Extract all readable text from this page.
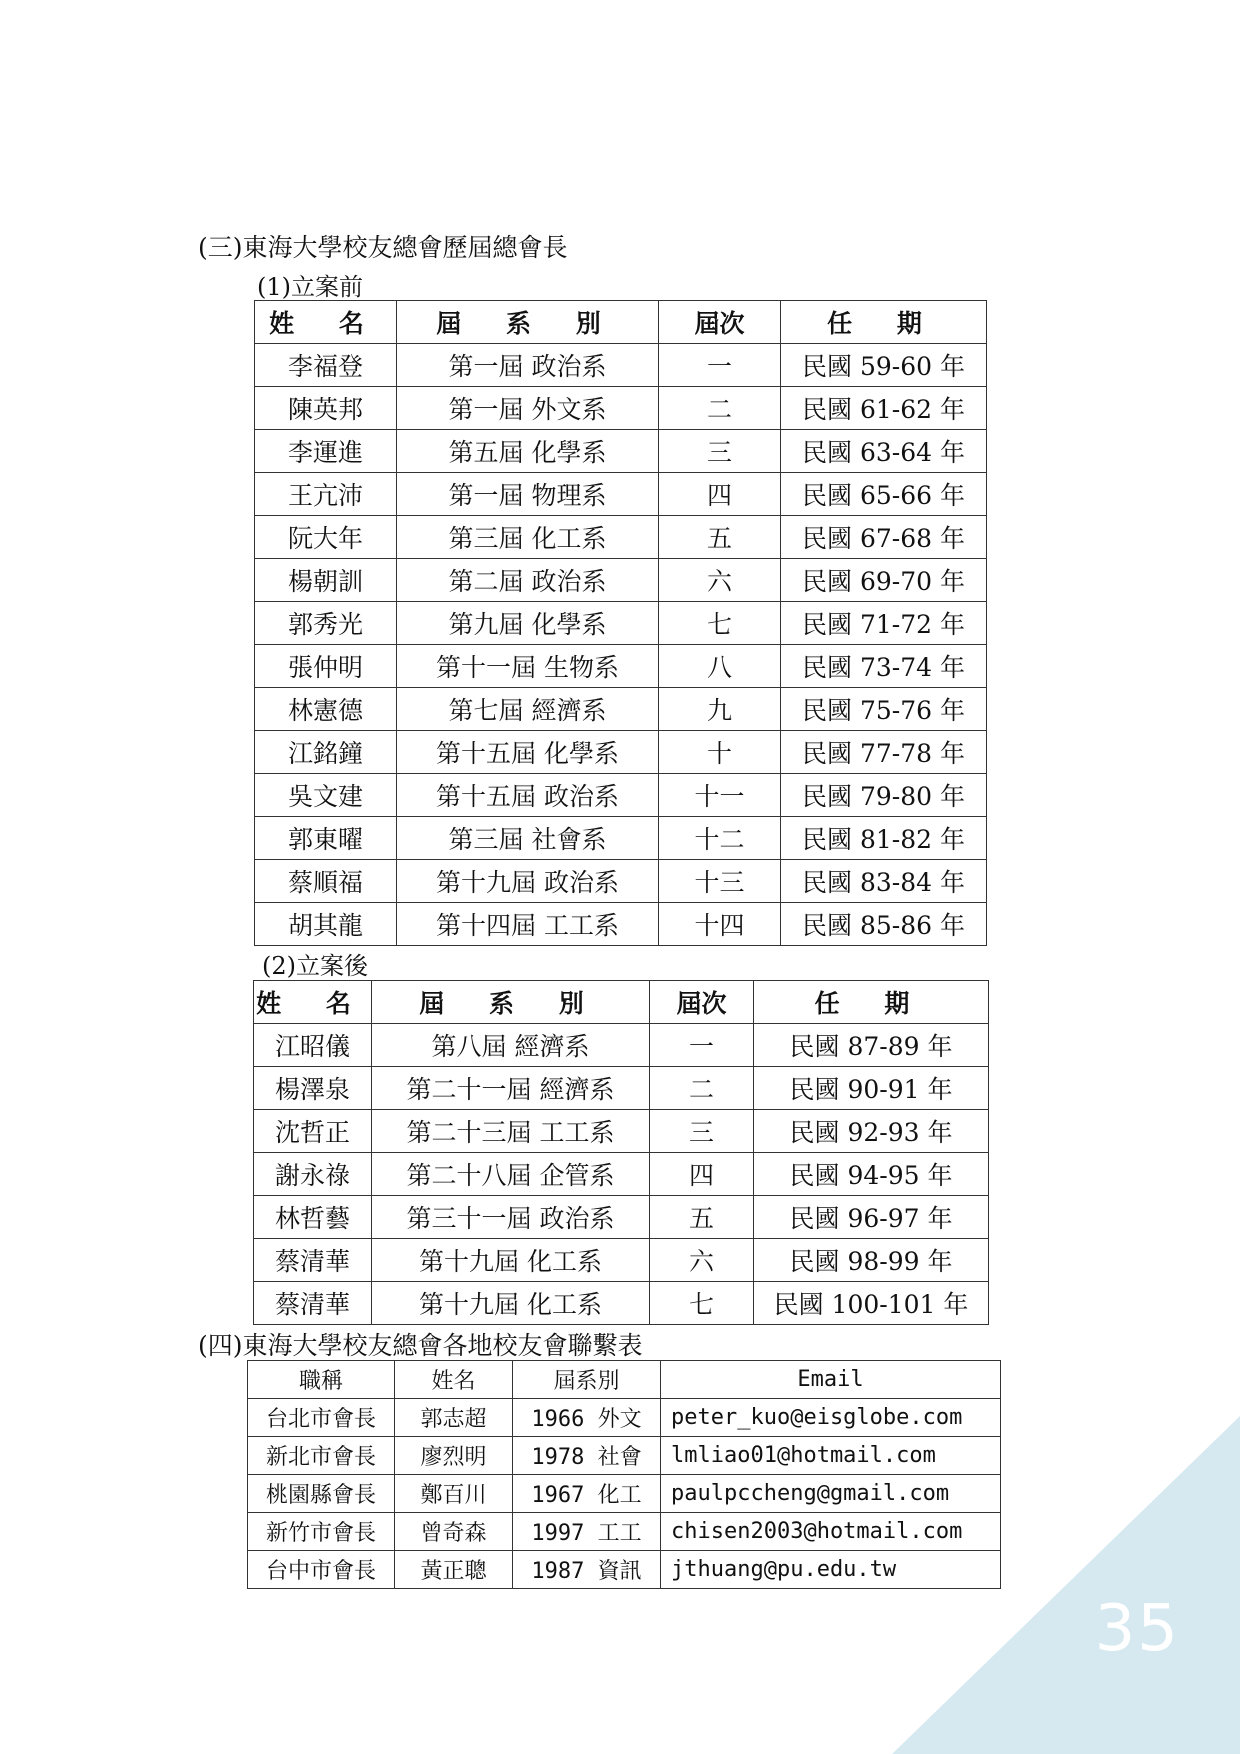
35
(三)東海大學校友總會歷屆總會長
(1)立案前
姓 名	屆 系 別	屆次	任 期
李福登	第一屆 政治系	一	民國 59-60 年
陳英邦	第一屆 外文系	二	民國 61-62 年
李運進	第五屆 化學系	三	民國 63-64 年
王亢沛	第一屆 物理系	四	民國 65-66 年
阮大年	第三屆 化工系	五	民國 67-68 年
楊朝訓	第二屆 政治系	六	民國 69-70 年
郭秀光	第九屆 化學系	七	民國 71-72 年
張仲明	第十一屆 生物系	八	民國 73-74 年
林憲德	第七屆 經濟系	九	民國 75-76 年
江銘鐘	第十五屆 化學系	十	民國 77-78 年
吳文建	第十五屆 政治系	十一	民國 79-80 年
郭東曜	第三屆 社會系	十二	民國 81-82 年
蔡順福	第十九屆 政治系	十三	民國 83-84 年
胡其龍	第十四屆 工工系	十四	民國 85-86 年
(2)立案後
姓 名	屆 系 別	屆次	任 期
江昭儀	第八屆 經濟系	一	民國 87-89 年
楊澤泉	第二十一屆 經濟系	二	民國 90-91 年
沈哲正	第二十三屆 工工系	三	民國 92-93 年
謝永祿	第二十八屆 企管系	四	民國 94-95 年
林哲藝	第三十一屆 政治系	五	民國 96-97 年
蔡清華	第十九屆 化工系	六	民國 98-99 年
蔡清華	第十九屆 化工系	七	民國 100-101 年
(四)東海大學校友總會各地校友會聯繫表
職稱	姓名	屆系別	Email
台北市會長	郭志超	1966 外文	peter_kuo@eisglobe.com
新北市會長	廖烈明	1978 社會	lmliao01@hotmail.com
桃園縣會長	鄭百川	1967 化工	paulpccheng@gmail.com
新竹市會長	曾奇森	1997 工工	chisen2003@hotmail.com
台中市會長	黃正聰	1987 資訊	jthuang@pu.edu.tw
